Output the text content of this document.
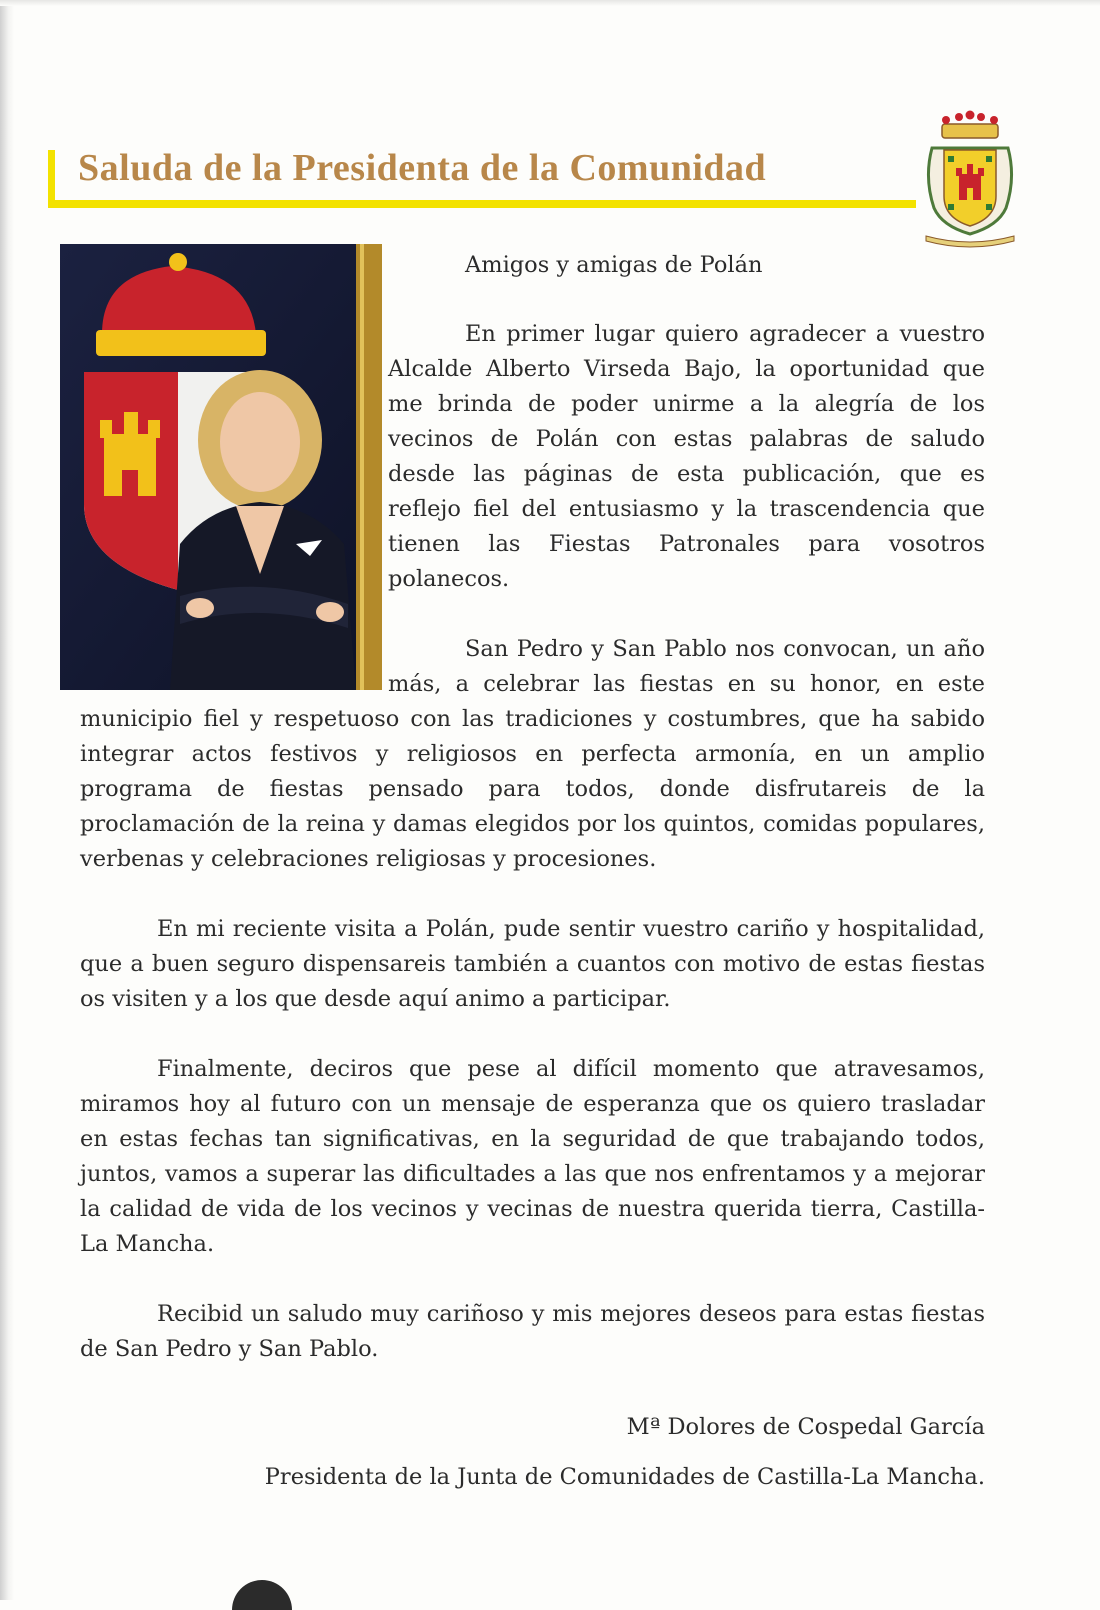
Saluda de la Presidenta de la Comunidad

Amigos y amigas de Polán

En primer lugar quiero agradecer a vuestro Alcalde Alberto Virseda Bajo, la oportunidad que me brinda de poder unirme a la alegría de los vecinos de Polán con estas palabras de saludo desde las páginas de esta publicación, que es reflejo fiel del entusiasmo y la trascendencia que tienen las Fiestas Patronales para vosotros polanecos.

San Pedro y San Pablo nos convocan, un año más, a celebrar las fiestas en su honor, en este municipio fiel y respetuoso con las tradiciones y costumbres, que ha sabido integrar actos festivos y religiosos en perfecta armonía, en un amplio programa de fiestas pensado para todos, donde disfrutareis de la proclamación de la reina y damas elegidos por los quintos, comidas populares, verbenas y celebraciones religiosas y procesiones.

En mi reciente visita a Polán, pude sentir vuestro cariño y hospitalidad, que a buen seguro dispensareis también a cuantos con motivo de estas fiestas os visiten y a los que desde aquí animo a participar.

Finalmente, deciros que pese al difícil momento que atravesamos, miramos hoy al futuro con un mensaje de esperanza que os quiero trasladar en estas fechas tan significativas, en la seguridad de que trabajando todos, juntos, vamos a superar las dificultades a las que nos enfrentamos y a mejorar la calidad de vida de los vecinos y vecinas de nuestra querida tierra, Castilla-La Mancha.

Recibid un saludo muy cariñoso y mis mejores deseos para estas fiestas de San Pedro y San Pablo.

Mª Dolores de Cospedal García
Presidenta de la Junta de Comunidades de Castilla-La Mancha.
